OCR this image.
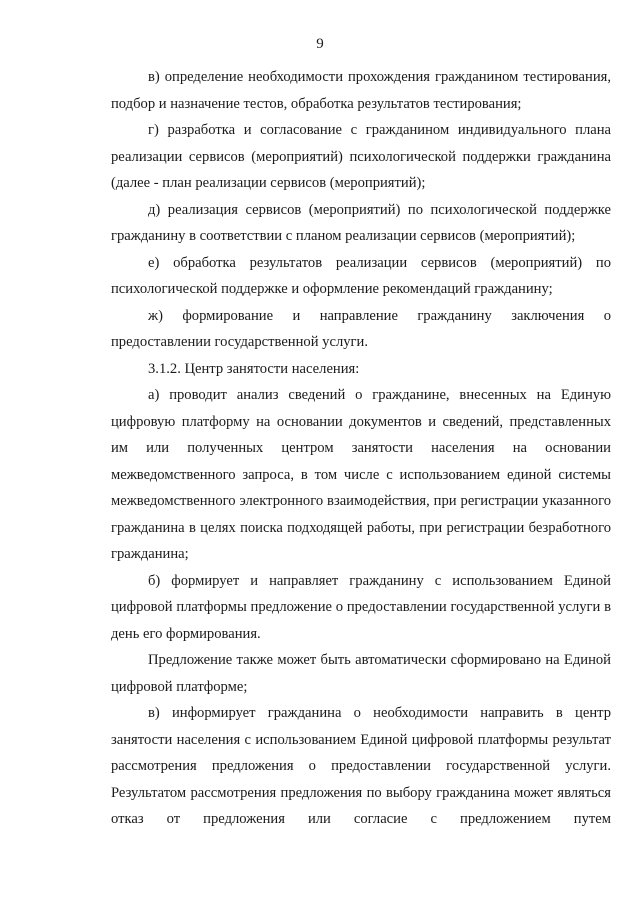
9

в) определение необходимости прохождения гражданином тестирования, подбор и назначение тестов, обработка результатов тестирования;

г) разработка и согласование с гражданином индивидуального плана реализации сервисов (мероприятий) психологической поддержки гражданина (далее - план реализации сервисов (мероприятий);

д) реализация сервисов (мероприятий) по психологической поддержке гражданину в соответствии с планом реализации сервисов (мероприятий);

е) обработка результатов реализации сервисов (мероприятий) по психологической поддержке и оформление рекомендаций гражданину;

ж) формирование и направление гражданину заключения о предоставлении государственной услуги.

3.1.2. Центр занятости населения:

а) проводит анализ сведений о гражданине, внесенных на Единую цифровую платформу на основании документов и сведений, представленных им или полученных центром занятости населения на основании межведомственного запроса, в том числе с использованием единой системы межведомственного электронного взаимодействия, при регистрации указанного гражданина в целях поиска подходящей работы, при регистрации безработного гражданина;

б) формирует и направляет гражданину с использованием Единой цифровой платформы предложение о предоставлении государственной услуги в день его формирования.

Предложение также может быть автоматически сформировано на Единой цифровой платформе;

в) информирует гражданина о необходимости направить в центр занятости населения с использованием Единой цифровой платформы результат рассмотрения предложения о предоставлении государственной услуги. Результатом рассмотрения предложения по выбору гражданина может являться отказ от предложения или согласие с предложением путем
